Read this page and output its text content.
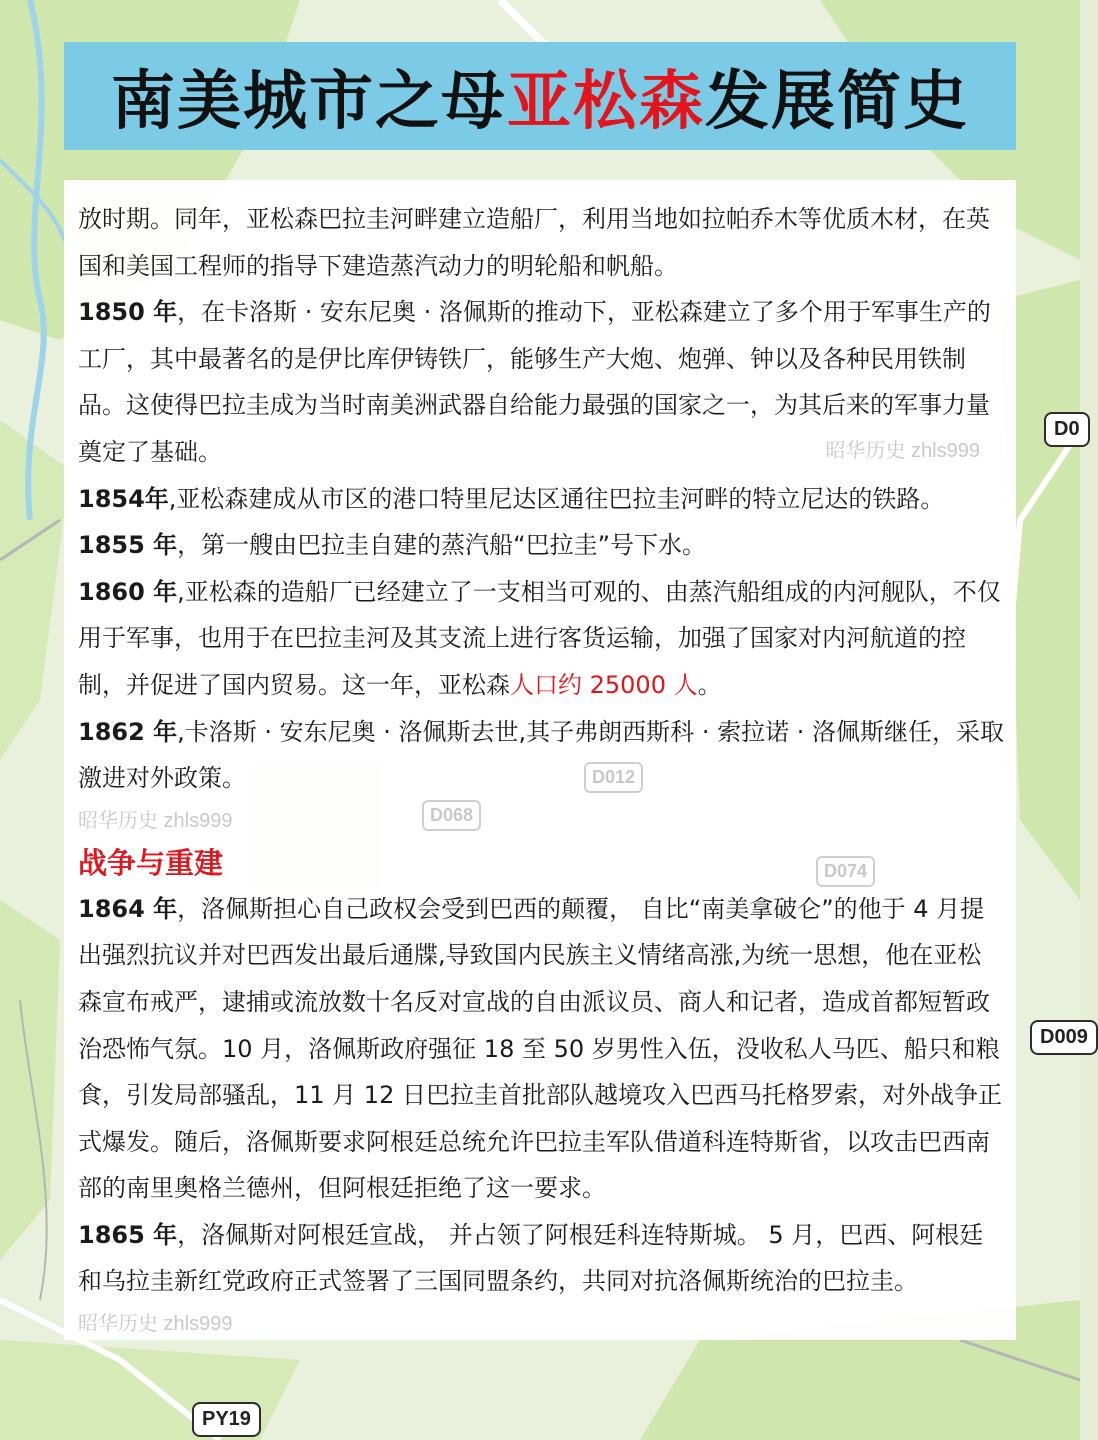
D0
D009
PY19
南美城市之母亚松森发展简史
D012
D068
D074

放时期。同年，亚松森巴拉圭河畔建立造船厂，利用当地如拉帕乔木等优质木材，在英国和美国工程师的指导下建造蒸汽动力的明轮船和帆船。

1850 年，在卡洛斯 · 安东尼奥 · 洛佩斯的推动下，亚松森建立了多个用于军事生产的工厂，其中最著名的是伊比库伊铸铁厂，能够生产大炮、炮弹、钟以及各种民用铁制品。这使得巴拉圭成为当时南美洲武器自给能力最强的国家之一，为其后来的军事力量奠定了基础。	昭华历史 zhls999

1854年,亚松森建成从市区的港口特里尼达区通往巴拉圭河畔的特立尼达的铁路。

1855 年，第一艘由巴拉圭自建的蒸汽船“巴拉圭”号下水。

1860 年,亚松森的造船厂已经建立了一支相当可观的、由蒸汽船组成的内河舰队，不仅用于军事，也用于在巴拉圭河及其支流上进行客货运输，加强了国家对内河航道的控制，并促进了国内贸易。这一年，亚松森人口约 25000 人。

1862 年,卡洛斯 · 安东尼奥 · 洛佩斯去世,其子弗朗西斯科 · 索拉诺 · 洛佩斯继任，采取激进对外政策。

昭华历史 zhls999
战争与重建

1864 年，洛佩斯担心自己政权会受到巴西的颠覆， 自比“南美拿破仑”的他于 4 月提出强烈抗议并对巴西发出最后通牒,导致国内民族主义情绪高涨,为统一思想，他在亚松森宣布戒严，逮捕或流放数十名反对宣战的自由派议员、商人和记者，造成首都短暂政治恐怖气氛。10 月，洛佩斯政府强征 18 至 50 岁男性入伍，没收私人马匹、船只和粮食，引发局部骚乱，11 月 12 日巴拉圭首批部队越境攻入巴西马托格罗索，对外战争正式爆发。随后，洛佩斯要求阿根廷总统允许巴拉圭军队借道科连特斯省，以攻击巴西南部的南里奥格兰德州，但阿根廷拒绝了这一要求。

1865 年，洛佩斯对阿根廷宣战， 并占领了阿根廷科连特斯城。 5 月，巴西、阿根廷和乌拉圭新红党政府正式签署了三国同盟条约，共同对抗洛佩斯统治的巴拉圭。

昭华历史 zhls999
